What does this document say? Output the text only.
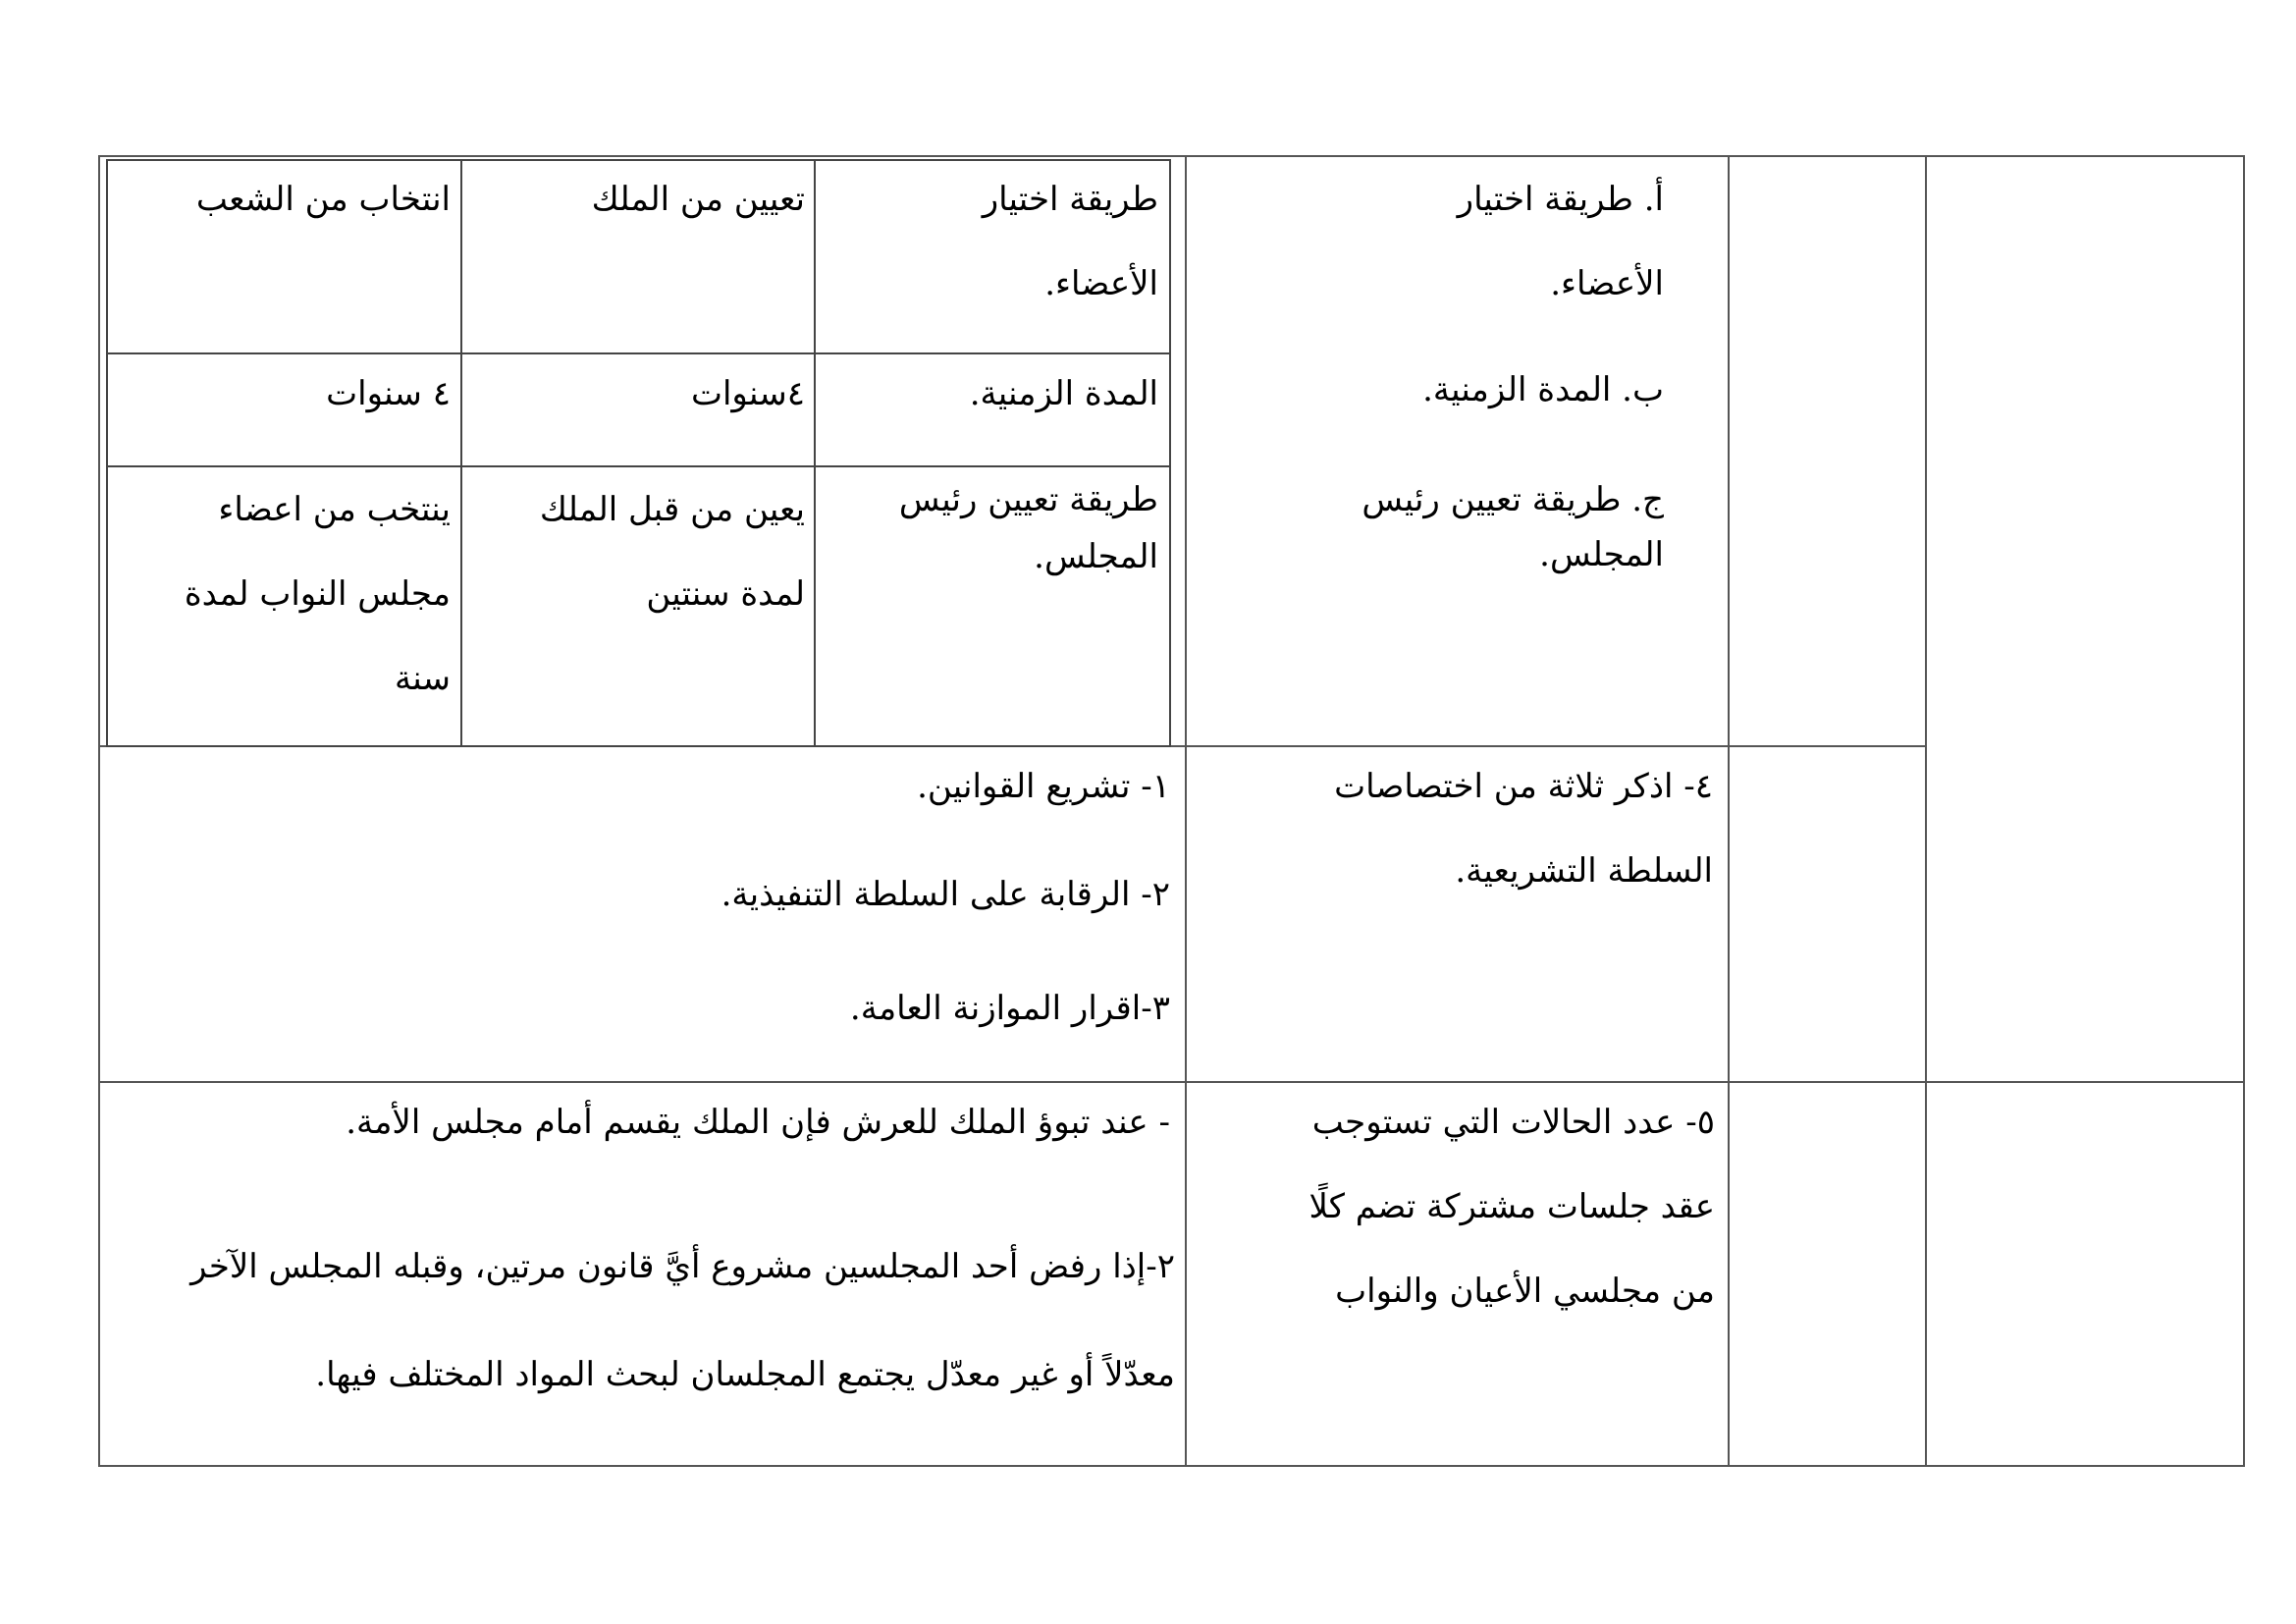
طريقة اختيار
الأعضاء.
تعيين من الملك
انتخاب من الشعب
المدة الزمنية.
٤سنوات
٤ سنوات
طريقة تعيين رئيس
المجلس.
يعين من قبل الملك
لمدة سنتين
ينتخب من اعضاء
مجلس النواب لمدة
سنة
أ. طريقة اختيار
الأعضاء.
ب. المدة الزمنية.
ج. طريقة تعيين رئيس
المجلس.
٤- اذكر ثلاثة من اختصاصات
السلطة التشريعية.
١- تشريع القوانين.
٢- الرقابة على السلطة التنفيذية.
٣-اقرار الموازنة العامة.
٥- عدد الحالات التي تستوجب
عقد جلسات مشتركة تضم كلًا
من مجلسي الأعيان والنواب
- عند تبوؤ الملك للعرش فإن الملك يقسم أمام مجلس الأمة.
٢-إذا رفض أحد المجلسين مشروع أيَّ قانون مرتين، وقبله المجلس الآخر
معدّلاً أو غير معدّل يجتمع المجلسان لبحث المواد المختلف فيها.
